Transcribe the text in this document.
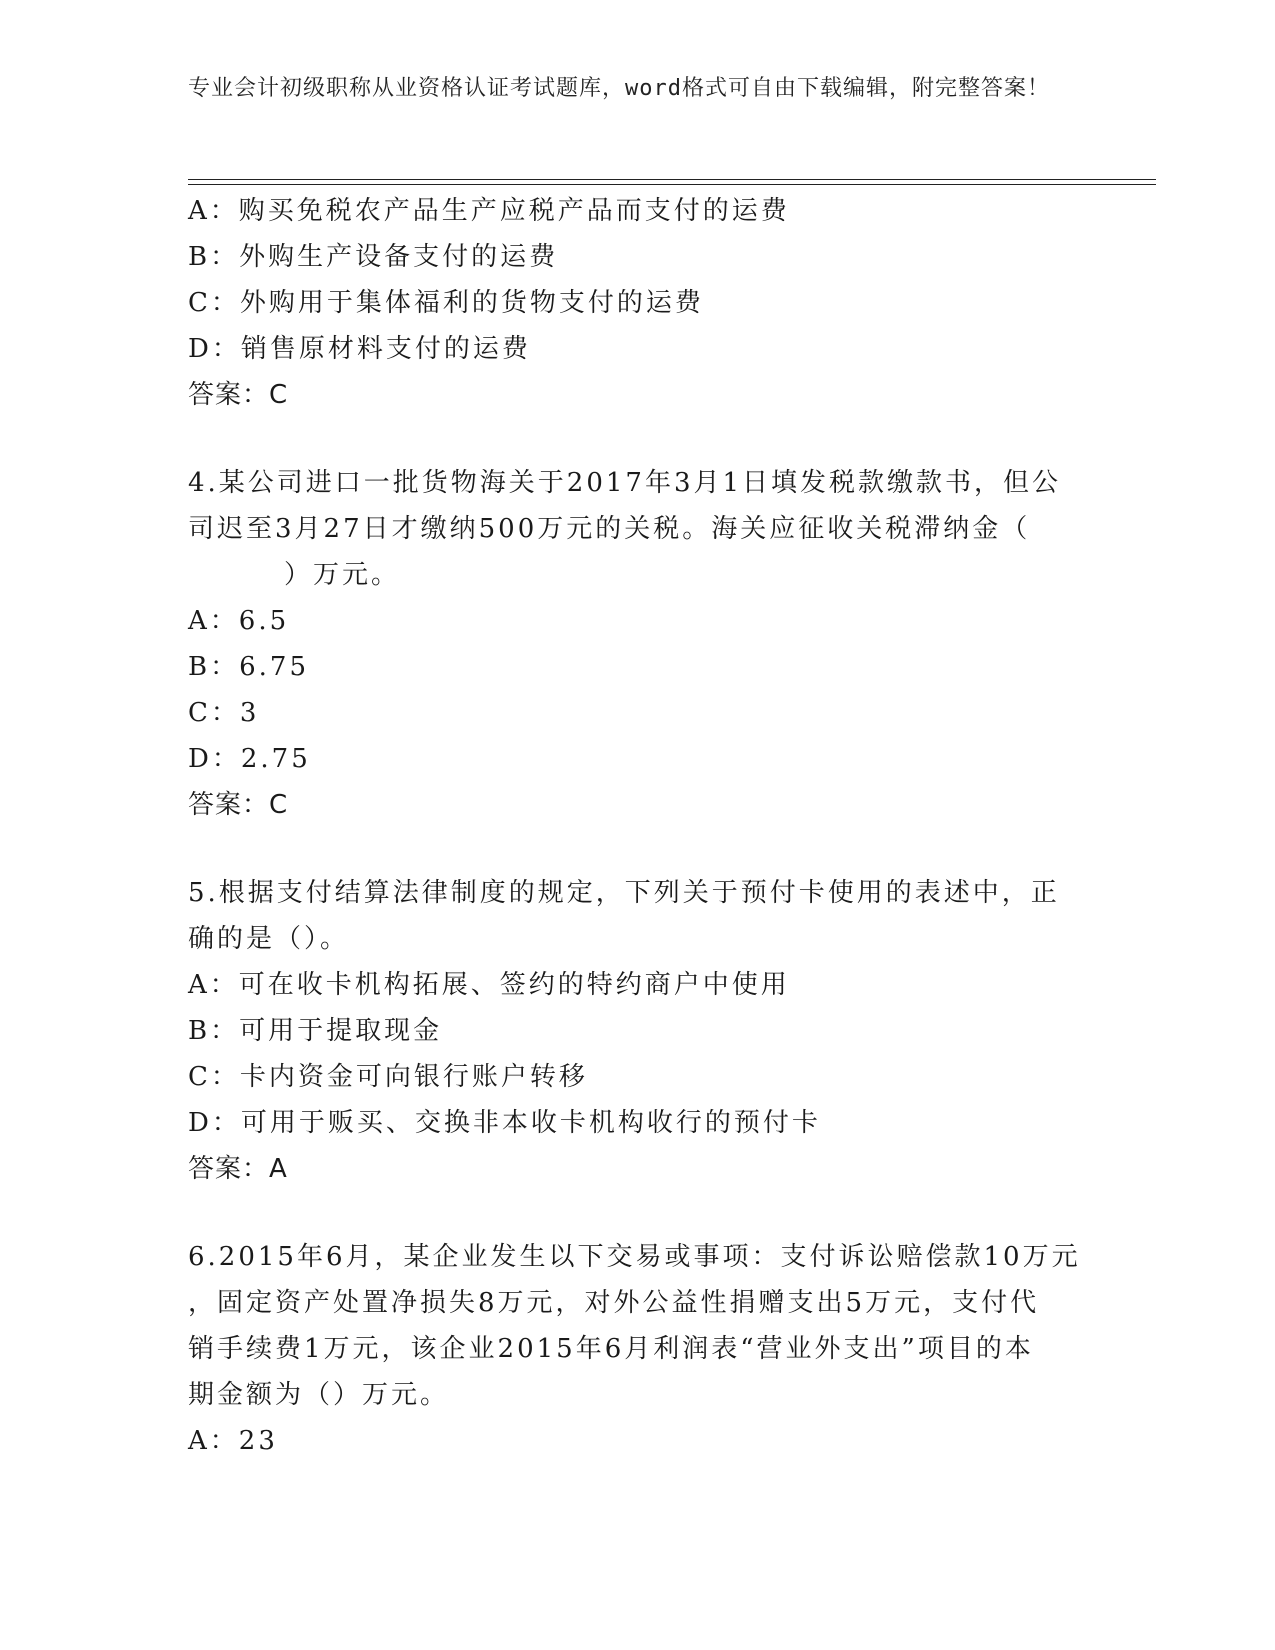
专业会计初级职称从业资格认证考试题库，word格式可自由下载编辑，附完整答案！
A：购买免税农产品生产应税产品而支付的运费
B：外购生产设备支付的运费
C：外购用于集体福利的货物支付的运费
D：销售原材料支付的运费
答案：C
4.某公司进口一批货物海关于2017年3月1日填发税款缴款书，但公
司迟至3月27日才缴纳500万元的关税。海关应征收关税滞纳金（
）万元。
A：6.5
B：6.75
C：3
D：2.75
答案：C
5.根据支付结算法律制度的规定，下列关于预付卡使用的表述中，正
确的是（）。
A：可在收卡机构拓展、签约的特约商户中使用
B：可用于提取现金
C：卡内资金可向银行账户转移
D：可用于贩买、交换非本收卡机构收行的预付卡
答案：A
6.2015年6月，某企业发生以下交易或事项：支付诉讼赔偿款10万元
，固定资产处置净损失8万元，对外公益性捐赠支出5万元，支付代
销手续费1万元，该企业2015年6月利润表“营业外支出”项目的本
期金额为（）万元。
A：23
